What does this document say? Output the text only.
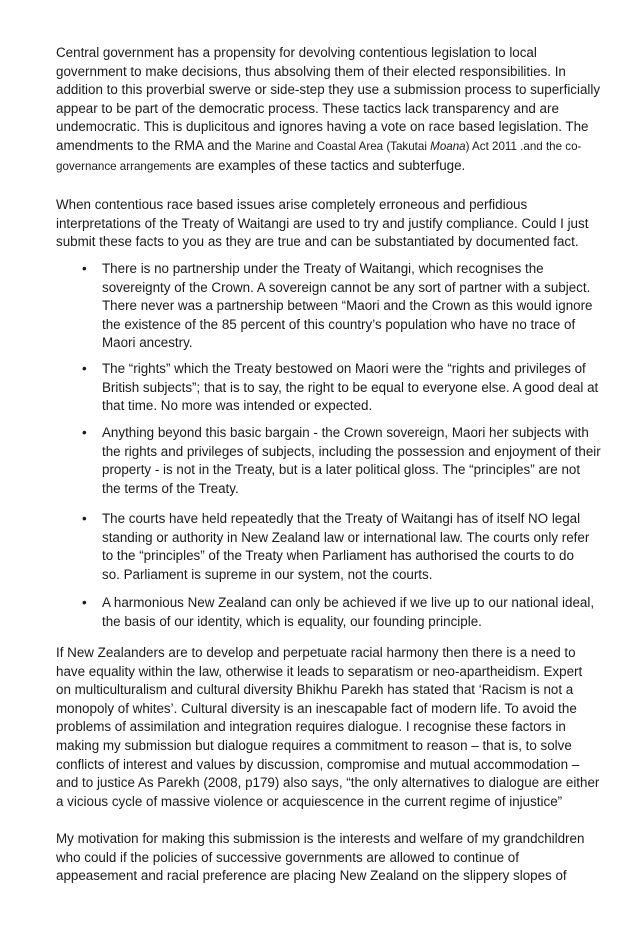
Central government has a propensity for devolving contentious legislation to local
government to make decisions, thus absolving them of their elected responsibilities. In
addition to this proverbial swerve or side-step they use a submission process to superficially
appear to be part of the democratic process. These tactics lack transparency and are
undemocratic. This is duplicitous and ignores having a vote on race based legislation. The
amendments to the RMA and the Marine and Coastal Area (Takutai Moana) Act 2011 .and the co-
governance arrangements are examples of these tactics and subterfuge.
When contentious race based issues arise completely erroneous and perfidious
interpretations of the Treaty of Waitangi are used to try and justify compliance. Could I just
submit these facts to you as they are true and can be substantiated by documented fact.
•	There is no partnership under the Treaty of Waitangi, which recognises the
sovereignty of the Crown. A sovereign cannot be any sort of partner with a subject.
There never was a partnership between “Maori and the Crown as this would ignore
the existence of the 85 percent of this country’s population who have no trace of
Maori ancestry.
•	The “rights” which the Treaty bestowed on Maori were the “rights and privileges of
British subjects”; that is to say, the right to be equal to everyone else. A good deal at
that time. No more was intended or expected.
•	Anything beyond this basic bargain - the Crown sovereign, Maori her subjects with
the rights and privileges of subjects, including the possession and enjoyment of their
property - is not in the Treaty, but is a later political gloss. The “principles” are not
the terms of the Treaty.
•	The courts have held repeatedly that the Treaty of Waitangi has of itself NO legal
standing or authority in New Zealand law or international law. The courts only refer
to the “principles” of the Treaty when Parliament has authorised the courts to do
so. Parliament is supreme in our system, not the courts.
•	A harmonious New Zealand can only be achieved if we live up to our national ideal,
the basis of our identity, which is equality, our founding principle.
If New Zealanders are to develop and perpetuate racial harmony then there is a need to
have equality within the law, otherwise it leads to separatism or neo-apartheidism. Expert
on multiculturalism and cultural diversity Bhikhu Parekh has stated that ‘Racism is not a
monopoly of whites’. Cultural diversity is an inescapable fact of modern life. To avoid the
problems of assimilation and integration requires dialogue. I recognise these factors in
making my submission but dialogue requires a commitment to reason – that is, to solve
conflicts of interest and values by discussion, compromise and mutual accommodation –
and to justice As Parekh (2008, p179) also says, “the only alternatives to dialogue are either
a vicious cycle of massive violence or acquiescence in the current regime of injustice”
My motivation for making this submission is the interests and welfare of my grandchildren
who could if the policies of successive governments are allowed to continue of
appeasement and racial preference are placing New Zealand on the slippery slopes of
